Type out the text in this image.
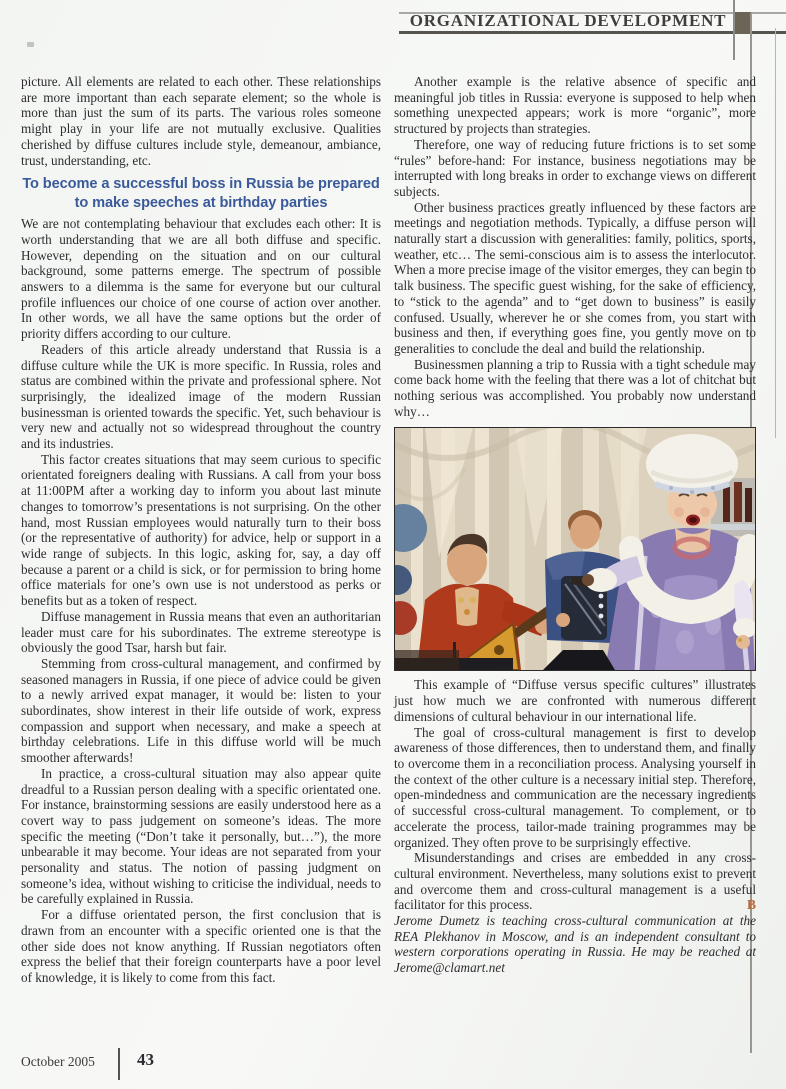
ORGANIZATIONAL DEVELOPMENT

picture. All elements are related to each other. These relationships are more important than each separate element; so the whole is more than just the sum of its parts. The various roles someone might play in your life are not mutually exclusive. Qualities cherished by diffuse cultures include style, demeanour, ambiance, trust, understanding, etc.

To become a successful boss in Russia be prepared to make speeches at birthday parties

We are not contemplating behaviour that excludes each other: It is worth understanding that we are all both diffuse and specific. However, depending on the situation and on our cultural background, some patterns emerge. The spectrum of possible answers to a dilemma is the same for everyone but our cultural profile influences our choice of one course of action over another. In other words, we all have the same options but the order of priority differs according to our culture.

Readers of this article already understand that Russia is a diffuse culture while the UK is more specific. In Russia, roles and status are combined within the private and professional sphere. Not surprisingly, the idealized image of the modern Russian businessman is oriented towards the specific. Yet, such behaviour is very new and actually not so widespread throughout the country and its industries.

This factor creates situations that may seem curious to specific orientated foreigners dealing with Russians. A call from your boss at 11:00PM after a working day to inform you about last minute changes to tomorrow’s presentations is not surprising. On the other hand, most Russian employees would naturally turn to their boss (or the representative of authority) for advice, help or support in a wide range of subjects. In this logic, asking for, say, a day off because a parent or a child is sick, or for permission to bring home office materials for one’s own use is not understood as perks or benefits but as a token of respect.

Diffuse management in Russia means that even an authoritarian leader must care for his subordinates. The extreme stereotype is obviously the good Tsar, harsh but fair.

Stemming from cross-cultural management, and confirmed by seasoned managers in Russia, if one piece of advice could be given to a newly arrived expat manager, it would be: listen to your subordinates, show interest in their life outside of work, express compassion and support when necessary, and make a speech at birthday celebrations. Life in this diffuse world will be much smoother afterwards!

In practice, a cross-cultural situation may also appear quite dreadful to a Russian person dealing with a specific orientated one. For instance, brainstorming sessions are easily understood here as a covert way to pass judgement on someone’s ideas. The more specific the meeting (“Don’t take it personally, but…”), the more unbearable it may become. Your ideas are not separated from your personality and status. The notion of passing judgment on someone’s idea, without wishing to criticise the individual, needs to be carefully explained in Russia.

For a diffuse orientated person, the first conclusion that is drawn from an encounter with a specific oriented one is that the other side does not know anything. If Russian negotiators often express the belief that their foreign counterparts have a poor level of knowledge, it is likely to come from this fact.

Another example is the relative absence of specific and meaningful job titles in Russia: everyone is supposed to help when something unexpected appears; work is more “organic”, more structured by projects than strategies.

Therefore, one way of reducing future frictions is to set some “rules” before-hand: For instance, business negotiations may be interrupted with long breaks in order to exchange views on different subjects.

Other business practices greatly influenced by these factors are meetings and negotiation methods. Typically, a diffuse person will naturally start a discussion with generalities: family, politics, sports, weather, etc… The semi-conscious aim is to assess the interlocutor. When a more precise image of the visitor emerges, they can begin to talk business. The specific guest wishing, for the sake of efficiency, to “stick to the agenda” and to “get down to business” is easily confused. Usually, wherever he or she comes from, you start with business and then, if everything goes fine, you gently move on to generalities to conclude the deal and build the relationship.

Businessmen planning a trip to Russia with a tight schedule may come back home with the feeling that there was a lot of chitchat but nothing serious was accomplished. You probably now understand why…

This example of “Diffuse versus specific cultures” illustrates just how much we are confronted with numerous different dimensions of cultural behaviour in our international life.

The goal of cross-cultural management is first to develop awareness of those differences, then to understand them, and finally to overcome them in a reconciliation process. Analysing yourself in the context of the other culture is a necessary initial step. Therefore, open-mindedness and communication are the necessary ingredients of successful cross-cultural management. To complement, or to accelerate the process, tailor-made training programmes may be organized. They often prove to be surprisingly effective.

Misunderstandings and crises are embedded in any cross-cultural environment. Nevertheless, many solutions exist to prevent and overcome them and cross-cultural management is a useful facilitator for this process.	B

Jerome Dumetz is teaching cross-cultural communication at the REA Plekhanov in Moscow, and is an independent consultant to western corporations operating in Russia. He may be reached at Jerome@clamart.net

October 2005 43
